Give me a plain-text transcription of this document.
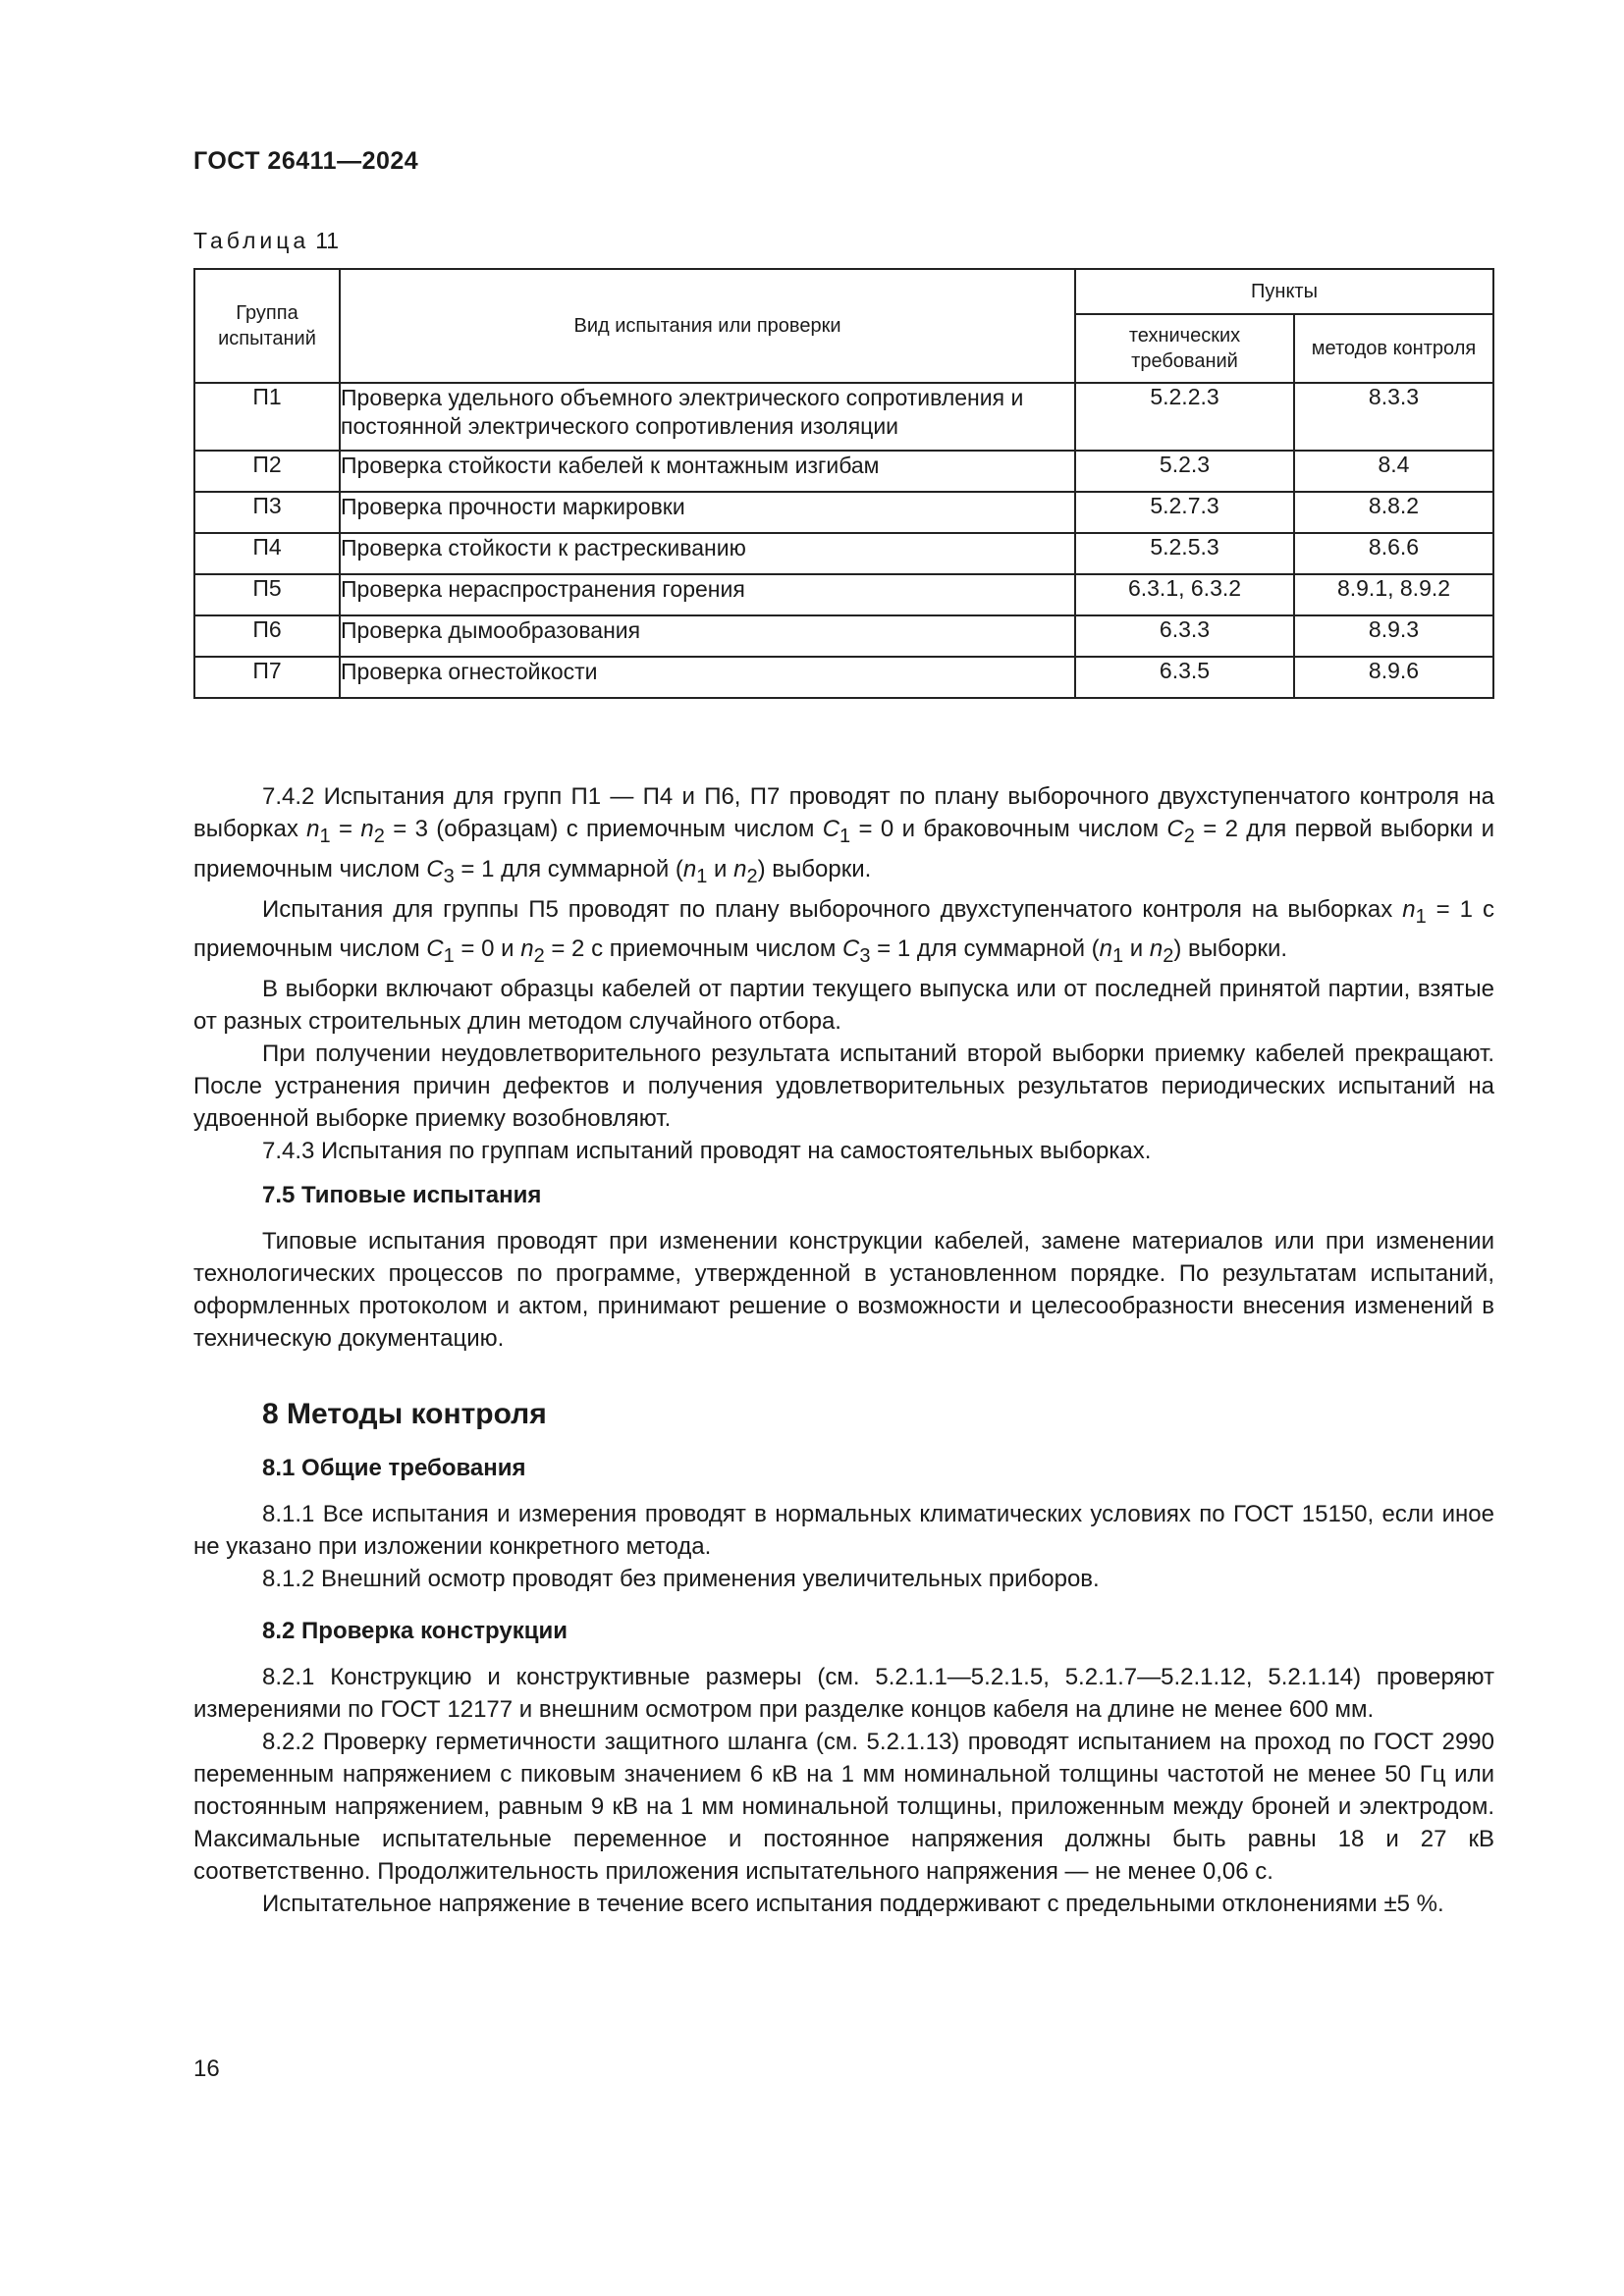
ГОСТ 26411—2024
Таблица 11
Группа испытаний	Вид испытания или проверки	Пункты	
		технических требований	методов контроля
П1	Проверка удельного объемного электрического сопротивления и постоянной электрического сопротивления изоляции	5.2.2.3	8.3.3
П2	Проверка стойкости кабелей к монтажным изгибам	5.2.3	8.4
П3	Проверка прочности маркировки	5.2.7.3	8.8.2
П4	Проверка стойкости к растрескиванию	5.2.5.3	8.6.6
П5	Проверка нераспространения горения	6.3.1, 6.3.2	8.9.1, 8.9.2
П6	Проверка дымообразования	6.3.3	8.9.3
П7	Проверка огнестойкости	6.3.5	8.9.6

7.4.2 Испытания для групп П1 — П4 и П6, П7 проводят по плану выборочного двухступенчатого контроля на выборках $n_1 = n_2 = 3$ (образцам) с приемочным числом $C_1 = 0$ и браковочным числом $C_2 = 2$ для первой выборки и приемочным числом $C_3 = 1$ для суммарной ($n_1$ и $n_2$) выборки.

Испытания для группы П5 проводят по плану выборочного двухступенчатого контроля на выборках $n_1 = 1$ с приемочным числом $C_1 = 0$ и $n_2 = 2$ с приемочным числом $C_3 = 1$ для суммарной ($n_1$ и $n_2$) выборки.

В выборки включают образцы кабелей от партии текущего выпуска или от последней принятой партии, взятые от разных строительных длин методом случайного отбора.

При получении неудовлетворительного результата испытаний второй выборки приемку кабелей прекращают. После устранения причин дефектов и получения удовлетворительных результатов периодических испытаний на удвоенной выборке приемку возобновляют.

7.4.3 Испытания по группам испытаний проводят на самостоятельных выборках.

7.5 Типовые испытания

Типовые испытания проводят при изменении конструкции кабелей, замене материалов или при изменении технологических процессов по программе, утвержденной в установленном порядке. По результатам испытаний, оформленных протоколом и актом, принимают решение о возможности и целесообразности внесения изменений в техническую документацию.

8 Методы контроля

8.1 Общие требования

8.1.1 Все испытания и измерения проводят в нормальных климатических условиях по ГОСТ 15150, если иное не указано при изложении конкретного метода.

8.1.2 Внешний осмотр проводят без применения увеличительных приборов.

8.2 Проверка конструкции

8.2.1 Конструкцию и конструктивные размеры (см. 5.2.1.1—5.2.1.5, 5.2.1.7—5.2.1.12, 5.2.1.14) проверяют измерениями по ГОСТ 12177 и внешним осмотром при разделке концов кабеля на длине не менее 600 мм.

8.2.2 Проверку герметичности защитного шланга (см. 5.2.1.13) проводят испытанием на проход по ГОСТ 2990 переменным напряжением с пиковым значением 6 кВ на 1 мм номинальной толщины частотой не менее 50 Гц или постоянным напряжением, равным 9 кВ на 1 мм номинальной толщины, приложенным между броней и электродом. Максимальные испытательные переменное и постоянное напряжения должны быть равны 18 и 27 кВ соответственно. Продолжительность приложения испытательного напряжения — не менее 0,06 с.

Испытательное напряжение в течение всего испытания поддерживают с предельными отклонениями ±5 %.

16
